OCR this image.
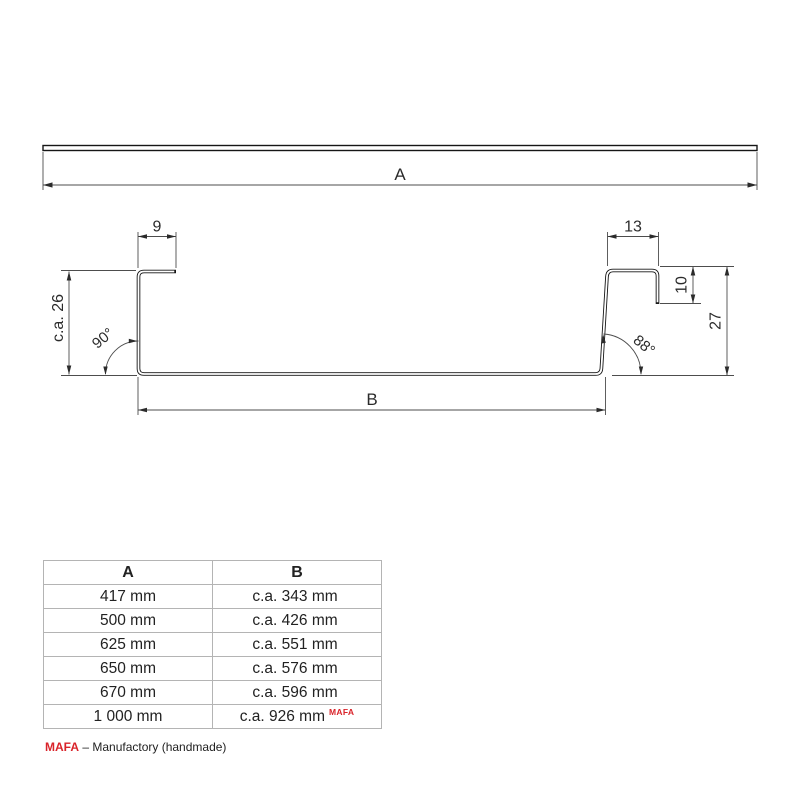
A
9	13
c.a. 26 90°	88°
10
27
B
A	B
417 mm	c.a. 343 mm
500 mm	c.a. 426 mm
625 mm	c.a. 551 mm
650 mm	c.a. 576 mm
670 mm	c.a. 596 mm
1 000 mm	c.a. 926 mm $^{MAFA}$
MAFA – Manufactory (handmade)
